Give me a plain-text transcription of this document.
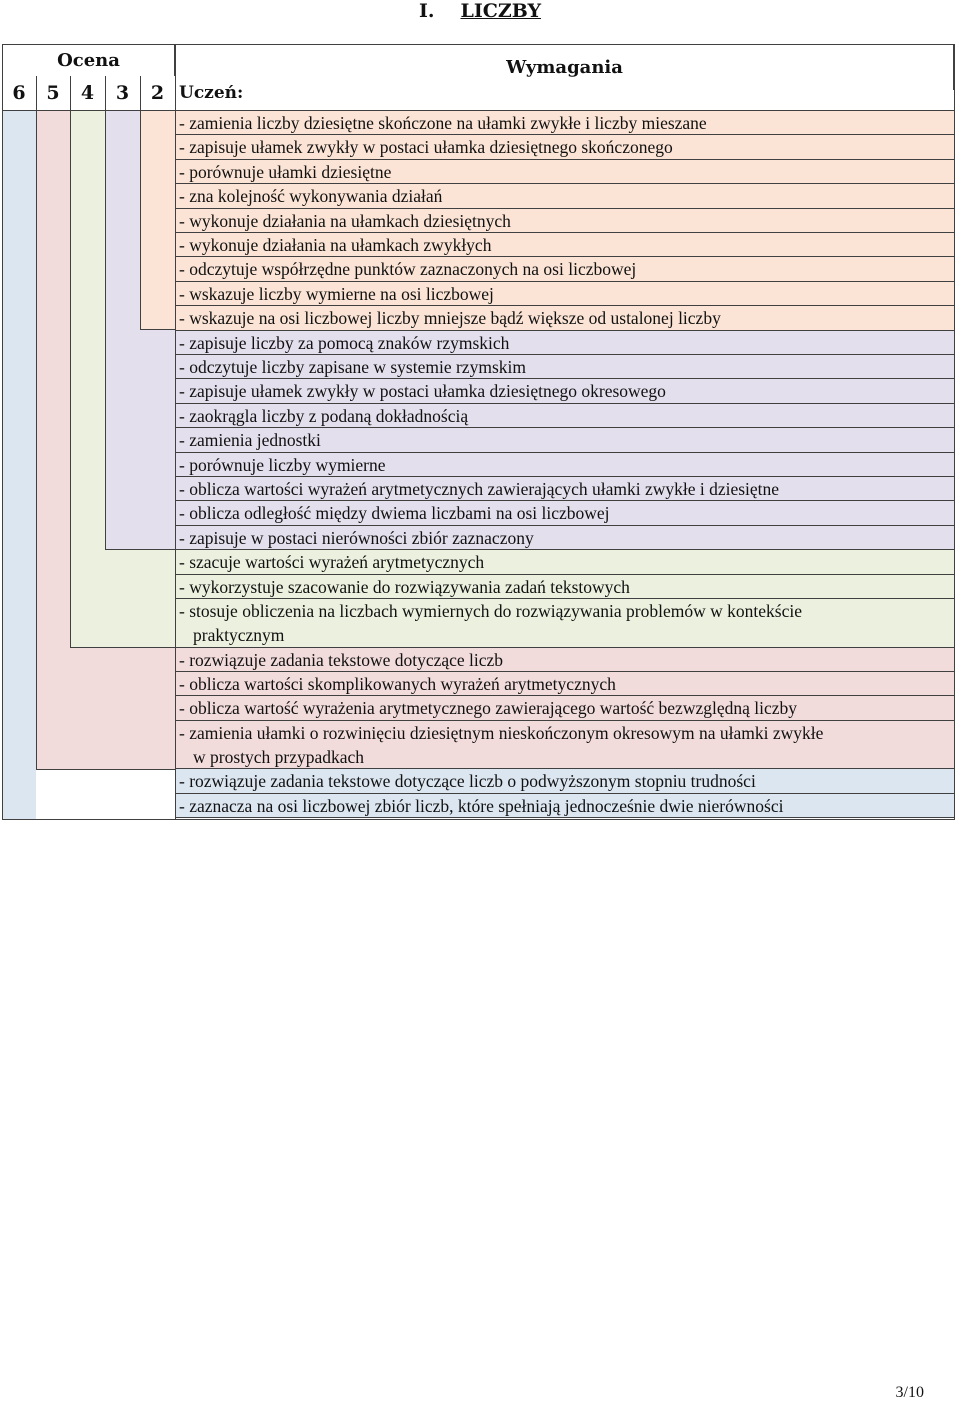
I. LICZBY
Ocena	Wymagania
Uczeń:
6	5	4	3	2
- zamienia liczby dziesiętne skończone na ułamki zwykłe i liczby mieszane
- zapisuje ułamek zwykły w postaci ułamka dziesiętnego skończonego
- porównuje ułamki dziesiętne
- zna kolejność wykonywania działań
- wykonuje działania na ułamkach dziesiętnych
- wykonuje działania na ułamkach zwykłych
- odczytuje współrzędne punktów zaznaczonych na osi liczbowej
- wskazuje liczby wymierne na osi liczbowej
- wskazuje na osi liczbowej liczby mniejsze bądź większe od ustalonej liczby
- zapisuje liczby za pomocą znaków rzymskich
- odczytuje liczby zapisane w systemie rzymskim
- zapisuje ułamek zwykły w postaci ułamka dziesiętnego okresowego
- zaokrągla liczby z podaną dokładnością
- zamienia jednostki
- porównuje liczby wymierne
- oblicza wartości wyrażeń arytmetycznych zawierających ułamki zwykłe i dziesiętne
- oblicza odległość między dwiema liczbami na osi liczbowej
- zapisuje w postaci nierówności zbiór zaznaczony
- szacuje wartości wyrażeń arytmetycznych
- wykorzystuje szacowanie do rozwiązywania zadań tekstowych
- stosuje obliczenia na liczbach wymiernych do rozwiązywania problemów w kontekście
praktycznym
- rozwiązuje zadania tekstowe dotyczące liczb
- oblicza wartości skomplikowanych wyrażeń arytmetycznych
- oblicza wartość wyrażenia arytmetycznego zawierającego wartość bezwzględną liczby
- zamienia ułamki o rozwinięciu dziesiętnym nieskończonym okresowym na ułamki zwykłe
w prostych przypadkach
- rozwiązuje zadania tekstowe dotyczące liczb o podwyższonym stopniu trudności
- zaznacza na osi liczbowej zbiór liczb, które spełniają jednocześnie dwie nierówności
3/10
